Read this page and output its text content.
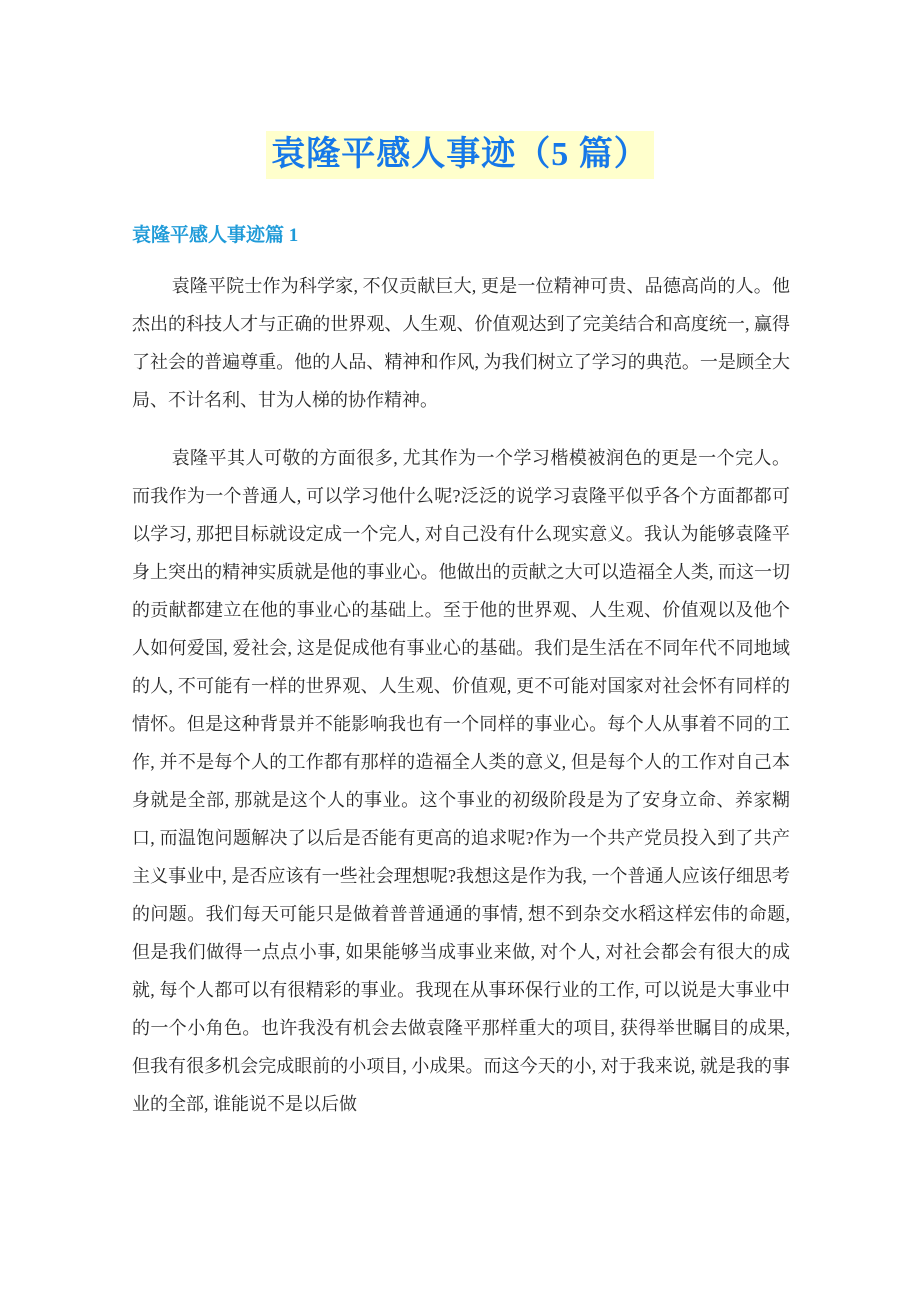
袁隆平感人事迹（5 篇）
袁隆平感人事迹篇 1

袁隆平院士作为科学家, 不仅贡献巨大, 更是一位精神可贵、品德高尚的人。他杰出的科技人才与正确的世界观、人生观、价值观达到了完美结合和高度统一, 赢得了社会的普遍尊重。他的人品、精神和作风, 为我们树立了学习的典范。一是顾全大局、不计名利、甘为人梯的协作精神。

袁隆平其人可敬的方面很多, 尤其作为一个学习楷模被润色的更是一个完人。而我作为一个普通人, 可以学习他什么呢?泛泛的说学习袁隆平似乎各个方面都都可以学习, 那把目标就设定成一个完人, 对自己没有什么现实意义。我认为能够袁隆平身上突出的精神实质就是他的事业心。他做出的贡献之大可以造福全人类, 而这一切的贡献都建立在他的事业心的基础上。至于他的世界观、人生观、价值观以及他个人如何爱国, 爱社会, 这是促成他有事业心的基础。我们是生活在不同年代不同地域的人, 不可能有一样的世界观、人生观、价值观, 更不可能对国家对社会怀有同样的情怀。但是这种背景并不能影响我也有一个同样的事业心。每个人从事着不同的工作, 并不是每个人的工作都有那样的造福全人类的意义, 但是每个人的工作对自己本身就是全部, 那就是这个人的事业。这个事业的初级阶段是为了安身立命、养家糊口, 而温饱问题解决了以后是否能有更高的追求呢?作为一个共产党员投入到了共产主义事业中, 是否应该有一些社会理想呢?我想这是作为我, 一个普通人应该仔细思考的问题。我们每天可能只是做着普普通通的事情, 想不到杂交水稻这样宏伟的命题, 但是我们做得一点点小事, 如果能够当成事业来做, 对个人, 对社会都会有很大的成就, 每个人都可以有很精彩的事业。我现在从事环保行业的工作, 可以说是大事业中的一个小角色。也许我没有机会去做袁隆平那样重大的项目, 获得举世瞩目的成果, 但我有很多机会完成眼前的小项目, 小成果。而这今天的小, 对于我来说, 就是我的事业的全部, 谁能说不是以后做
